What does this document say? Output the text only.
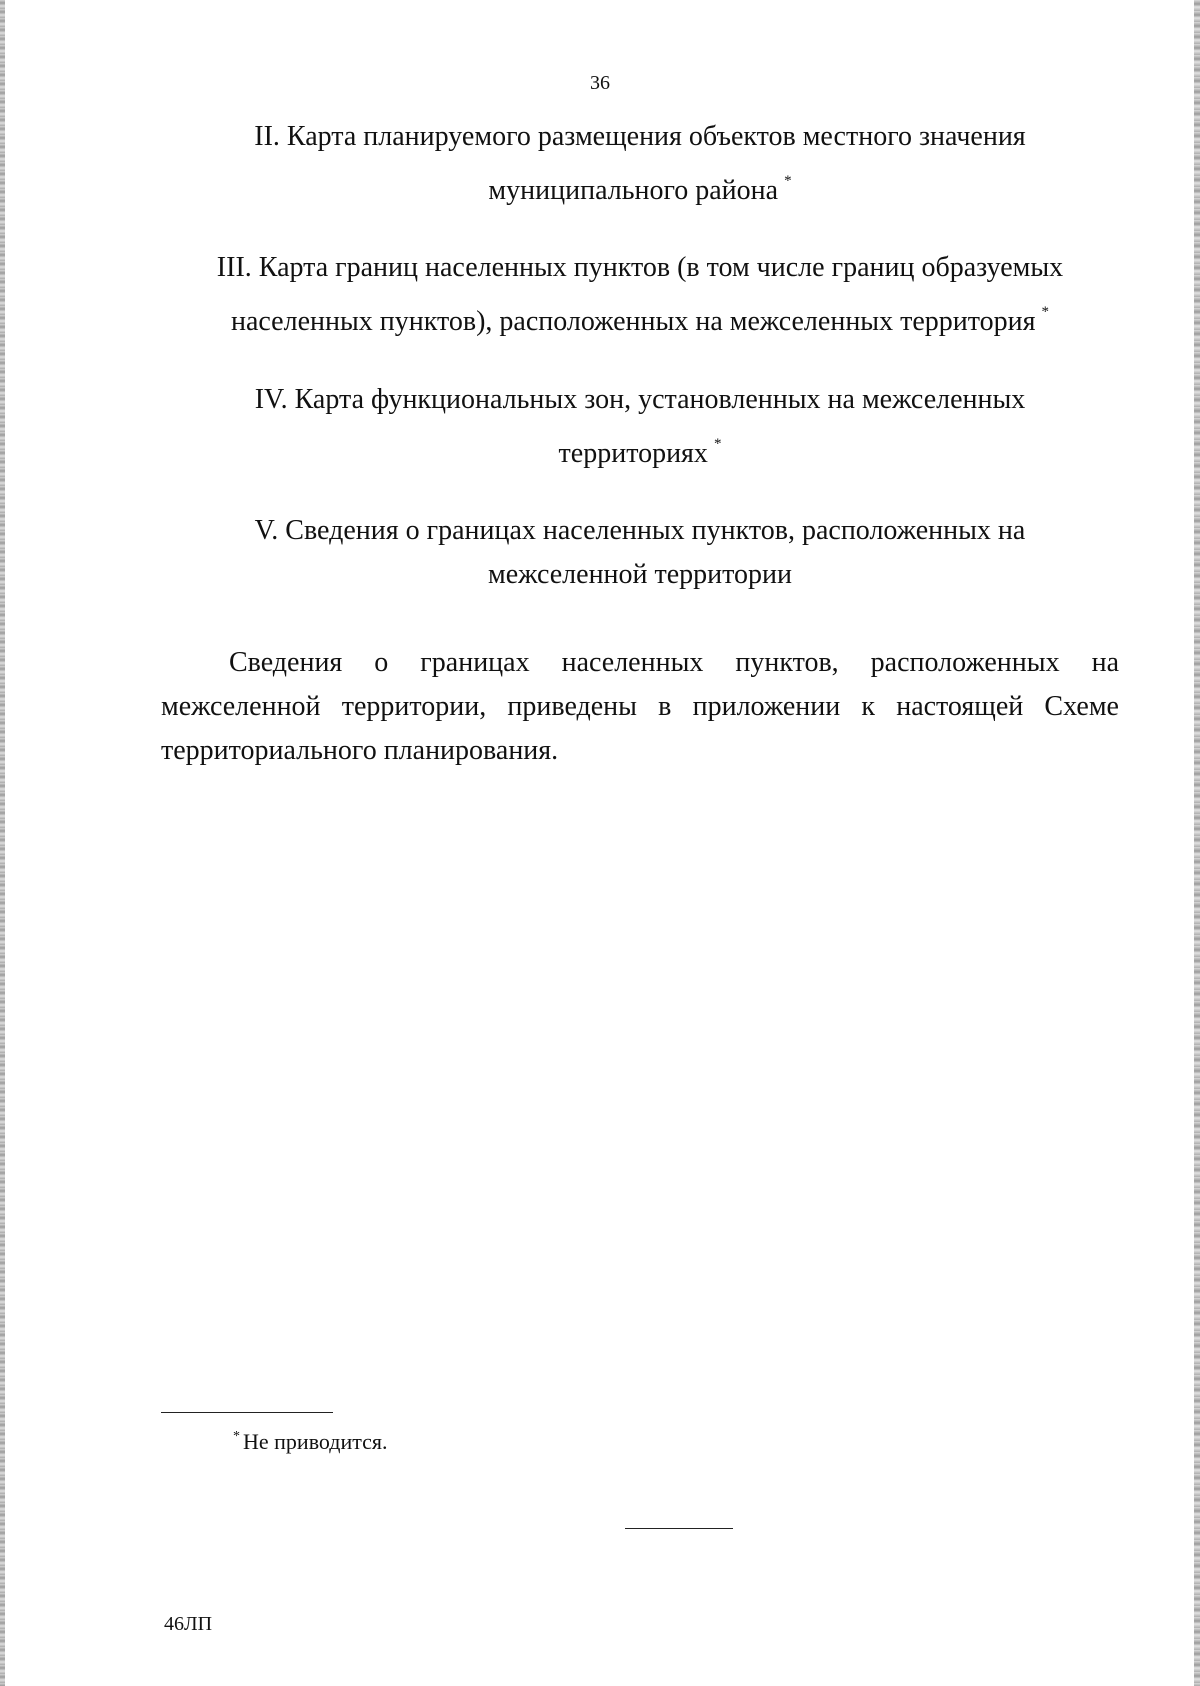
36
II. Карта планируемого размещения объектов местного значения
муниципального района *
III. Карта границ населенных пунктов (в том числе границ образуемых
населенных пунктов), расположенных на межселенных территория *
IV. Карта функциональных зон, установленных на межселенных
территориях *
V. Сведения о границах населенных пунктов, расположенных на
межселенной территории

Сведения о границах населенных пунктов, расположенных на межселенной территории, приведены в приложении к настоящей Схеме территориального планирования.

* Не приводится.
46ЛП
